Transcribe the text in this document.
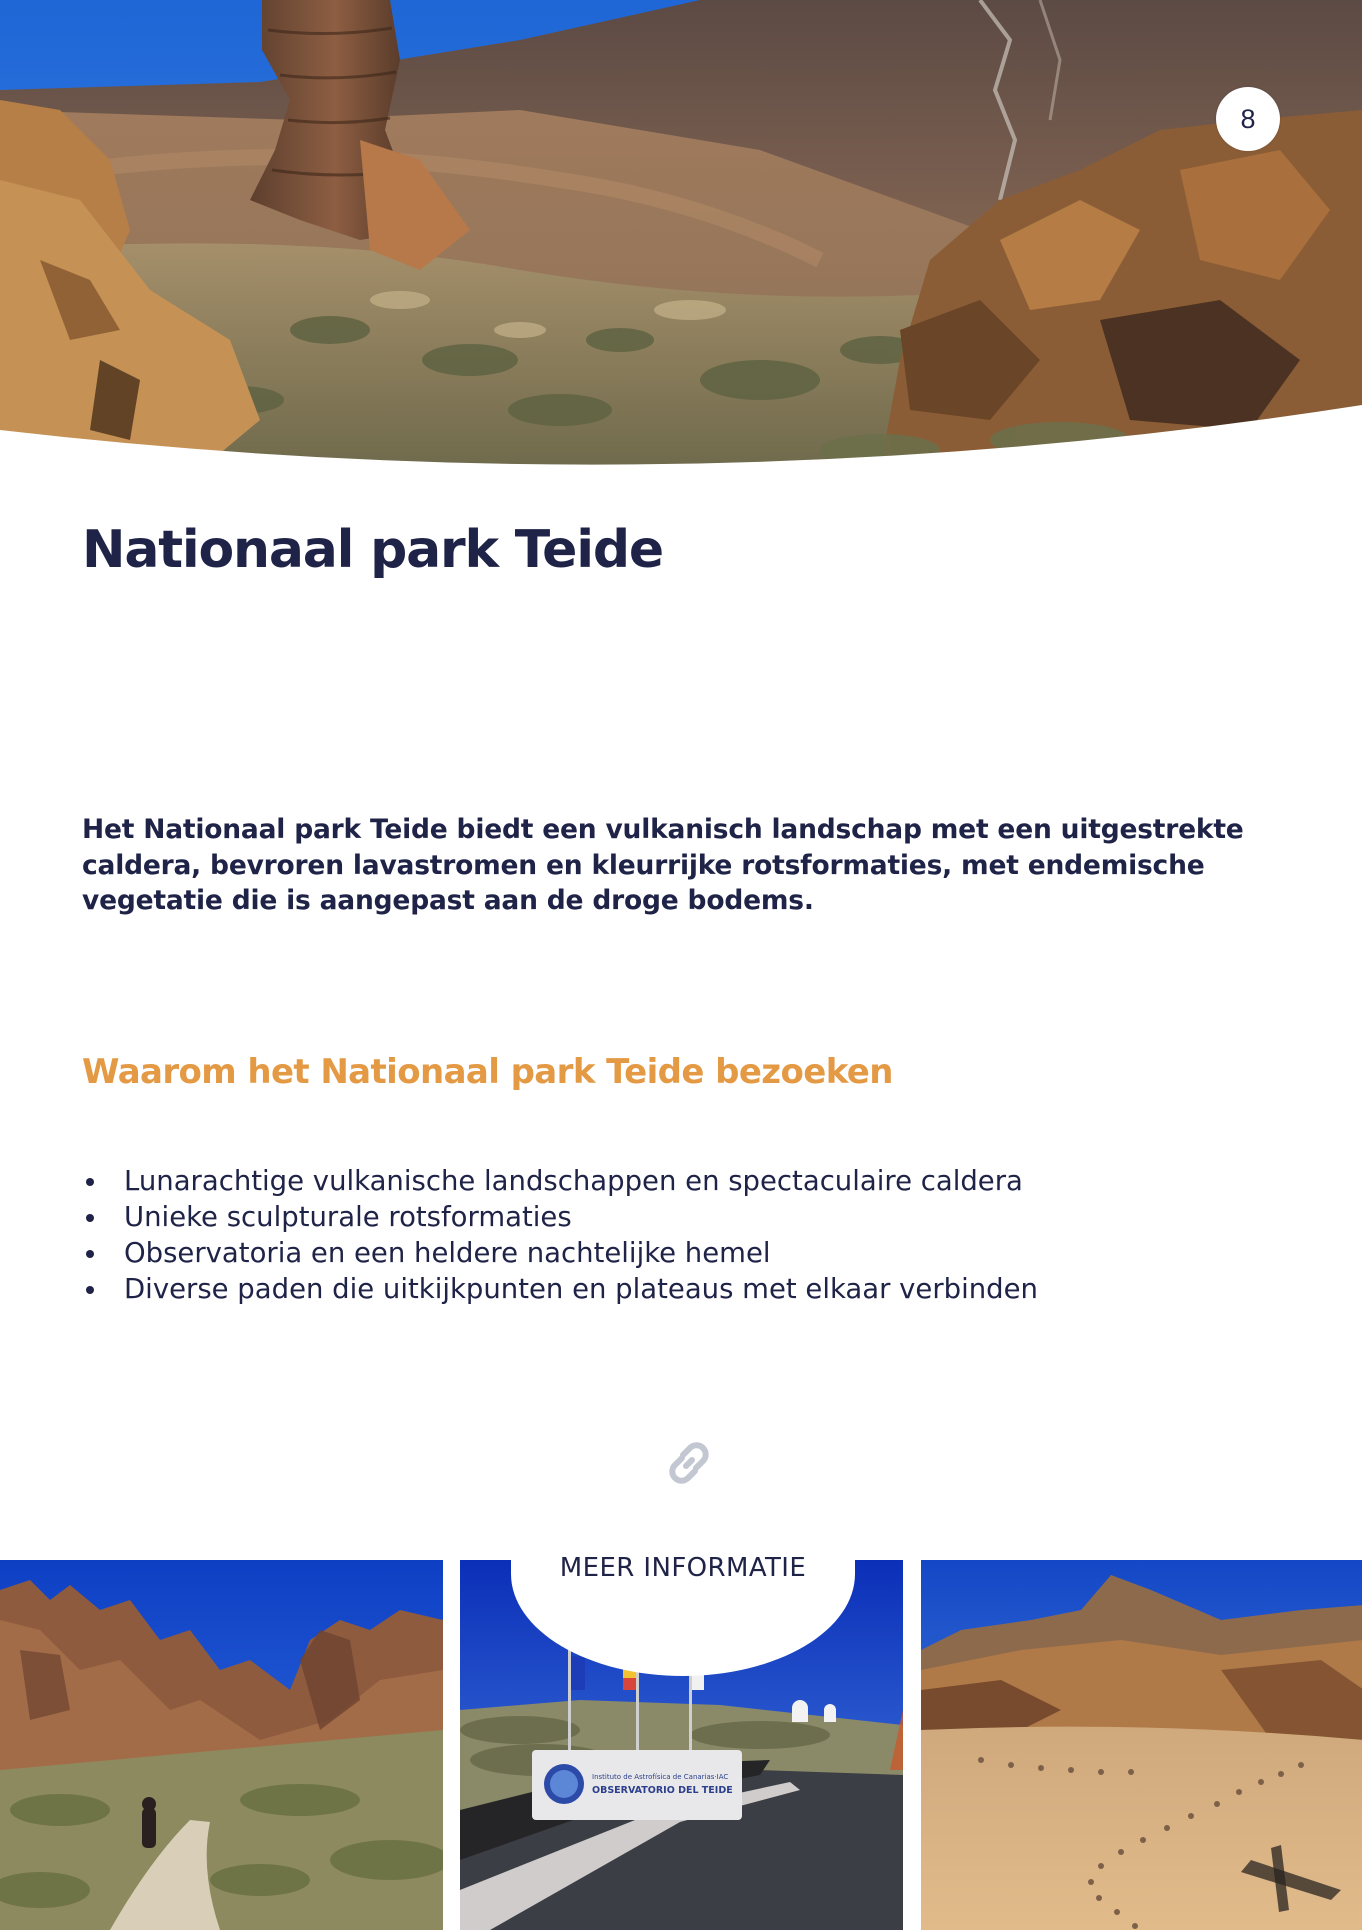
8
Nationaal park Teide

Het Nationaal park Teide biedt een vulkanisch landschap met een uitgestrekte caldera, bevroren lavastromen en kleurrijke rotsformaties, met endemische vegetatie die is aangepast aan de droge bodems.

Waarom het Nationaal park Teide bezoeken
Lunarachtige vulkanische landschappen en spectaculaire caldera
Unieke sculpturale rotsformaties
Observatoria en een heldere nachtelijke hemel
Diverse paden die uitkijkpunten en plateaus met elkaar verbinden
Instituto de Astrofísica de Canarias·IAC
OBSERVATORIO DEL TEIDE
MEER INFORMATIE
